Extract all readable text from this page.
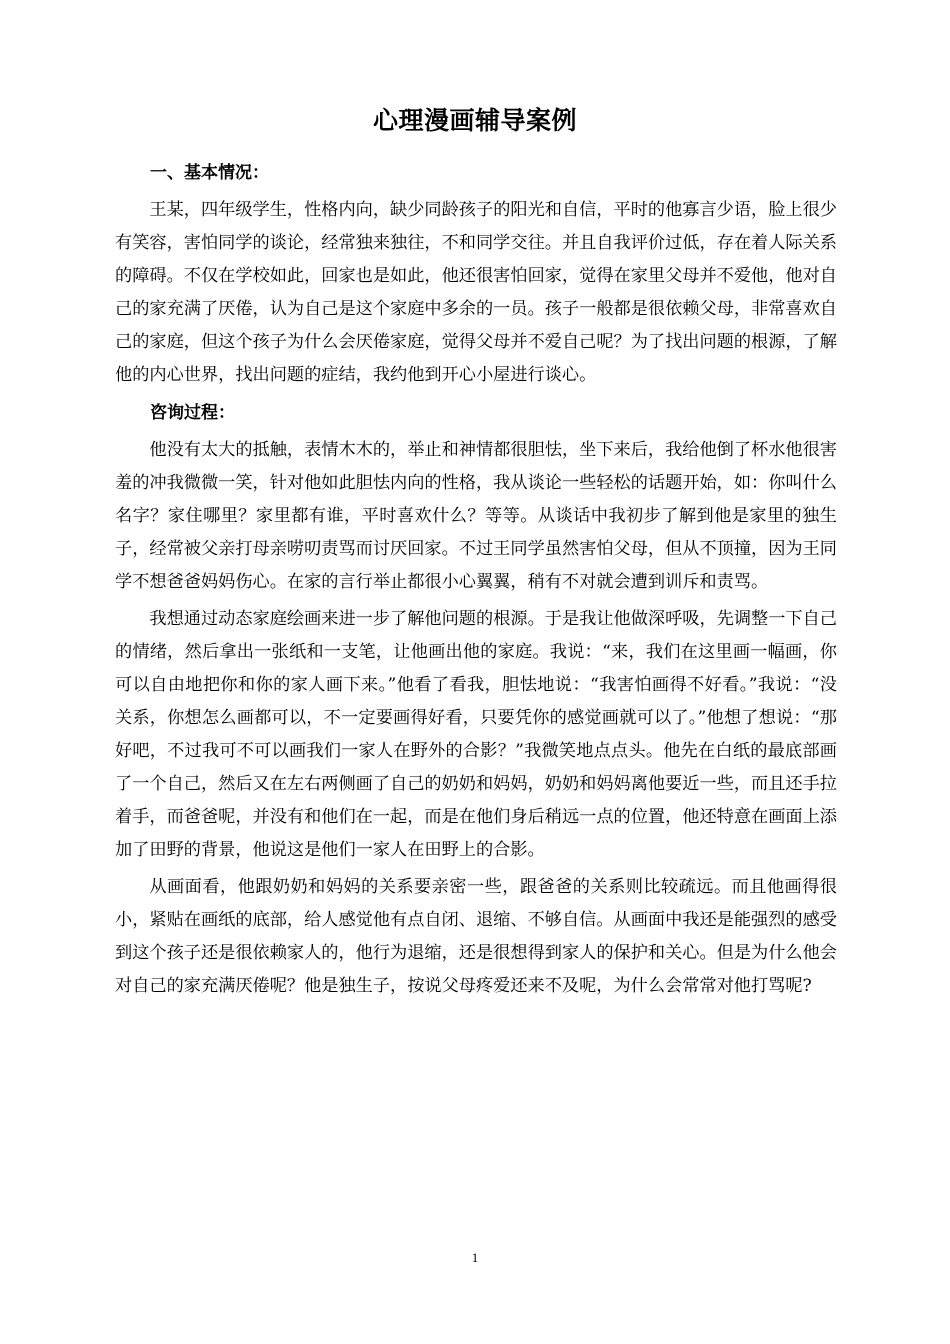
心理漫画辅导案例
一、基本情况：

王某，四年级学生，性格内向，缺少同龄孩子的阳光和自信，平时的他寡言少语，脸上很少有笑容，害怕同学的谈论，经常独来独往，不和同学交往。并且自我评价过低，存在着人际关系的障碍。不仅在学校如此，回家也是如此，他还很害怕回家，觉得在家里父母并不爱他，他对自己的家充满了厌倦，认为自己是这个家庭中多余的一员。孩子一般都是很依赖父母，非常喜欢自己的家庭，但这个孩子为什么会厌倦家庭，觉得父母并不爱自己呢？为了找出问题的根源，了解他的内心世界，找出问题的症结，我约他到开心小屋进行谈心。

咨询过程：

他没有太大的抵触，表情木木的，举止和神情都很胆怯，坐下来后，我给他倒了杯水他很害羞的冲我微微一笑，针对他如此胆怯内向的性格，我从谈论一些轻松的话题开始，如：你叫什么名字？家住哪里？家里都有谁，平时喜欢什么？等等。从谈话中我初步了解到他是家里的独生子，经常被父亲打母亲唠叨责骂而讨厌回家。不过王同学虽然害怕父母，但从不顶撞，因为王同学不想爸爸妈妈伤心。在家的言行举止都很小心翼翼，稍有不对就会遭到训斥和责骂。

我想通过动态家庭绘画来进一步了解他问题的根源。于是我让他做深呼吸，先调整一下自己的情绪，然后拿出一张纸和一支笔，让他画出他的家庭。我说：“来，我们在这里画一幅画，你可以自由地把你和你的家人画下来。”他看了看我，胆怯地说：“我害怕画得不好看。”我说：“没关系，你想怎么画都可以，不一定要画得好看，只要凭你的感觉画就可以了。”他想了想说：“那好吧，不过我可不可以画我们一家人在野外的合影？”我微笑地点点头。他先在白纸的最底部画了一个自己，然后又在左右两侧画了自己的奶奶和妈妈，奶奶和妈妈离他要近一些，而且还手拉着手，而爸爸呢，并没有和他们在一起，而是在他们身后稍远一点的位置，他还特意在画面上添加了田野的背景，他说这是他们一家人在田野上的合影。

从画面看，他跟奶奶和妈妈的关系要亲密一些，跟爸爸的关系则比较疏远。而且他画得很小，紧贴在画纸的底部，给人感觉他有点自闭、退缩、不够自信。从画面中我还是能强烈的感受到这个孩子还是很依赖家人的，他行为退缩，还是很想得到家人的保护和关心。但是为什么他会对自己的家充满厌倦呢？他是独生子，按说父母疼爱还来不及呢，为什么会常常对他打骂呢?

1
